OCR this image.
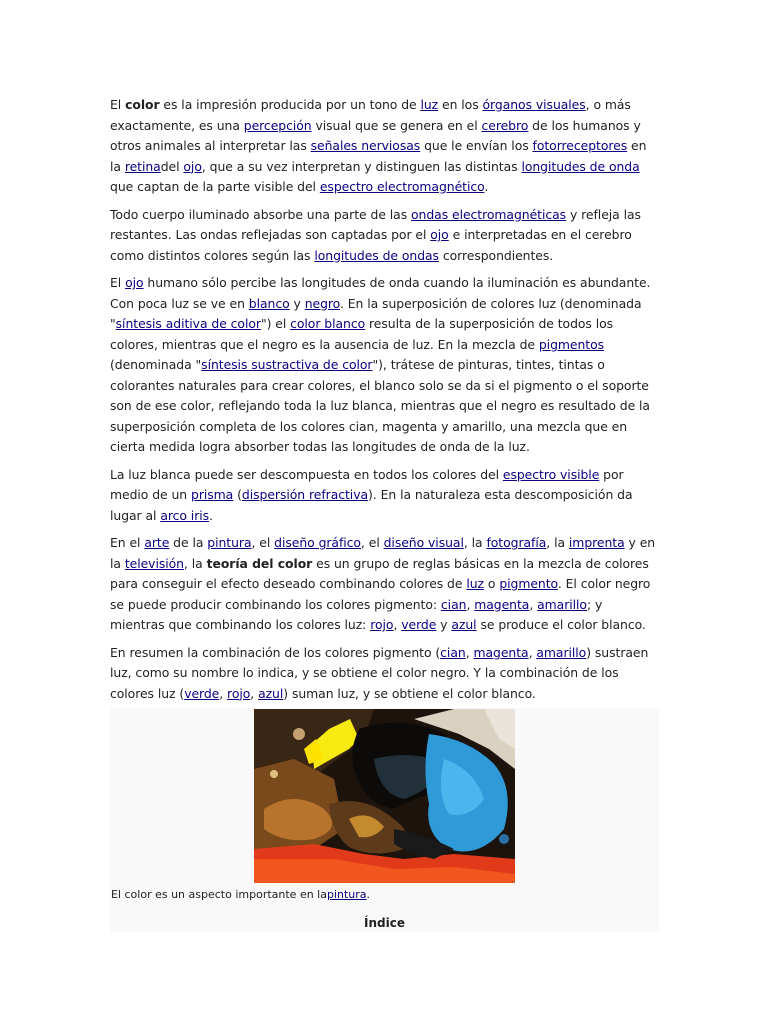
El color es la impresión producida por un tono de luz en los órganos visuales, o más exactamente, es una percepción visual que se genera en el cerebro de los humanos y otros animales al interpretar las señales nerviosas que le envían los fotorreceptores en la retinadel ojo, que a su vez interpretan y distinguen las distintas longitudes de onda que captan de la parte visible del espectro electromagnético.

Todo cuerpo iluminado absorbe una parte de las ondas electromagnéticas y refleja las restantes. Las ondas reflejadas son captadas por el ojo e interpretadas en el cerebro como distintos colores según las longitudes de ondas correspondientes.

El ojo humano sólo percibe las longitudes de onda cuando la iluminación es abundante. Con poca luz se ve en blanco y negro. En la superposición de colores luz (denominada "síntesis aditiva de color") el color blanco resulta de la superposición de todos los colores, mientras que el negro es la ausencia de luz. En la mezcla de pigmentos (denominada "síntesis sustractiva de color"), trátese de pinturas, tintes, tintas o colorantes naturales para crear colores, el blanco solo se da si el pigmento o el soporte son de ese color, reflejando toda la luz blanca, mientras que el negro es resultado de la superposición completa de los colores cian, magenta y amarillo, una mezcla que en cierta medida logra absorber todas las longitudes de onda de la luz.

La luz blanca puede ser descompuesta en todos los colores del espectro visible por medio de un prisma (dispersión refractiva). En la naturaleza esta descomposición da lugar al arco iris.

En el arte de la pintura, el diseño gráfico, el diseño visual, la fotografía, la imprenta y en la televisión, la teoría del color es un grupo de reglas básicas en la mezcla de colores para conseguir el efecto deseado combinando colores de luz o pigmento. El color negro se puede producir combinando los colores pigmento: cian, magenta, amarillo; y mientras que combinando los colores luz: rojo, verde y azul se produce el color blanco.

En resumen la combinación de los colores pigmento (cian, magenta, amarillo) sustraen luz, como su nombre lo indica, y se obtiene el color negro. Y la combinación de los colores luz (verde, rojo, azul) suman luz, y se obtiene el color blanco.

El color es un aspecto importante en lapintura.
Índice
